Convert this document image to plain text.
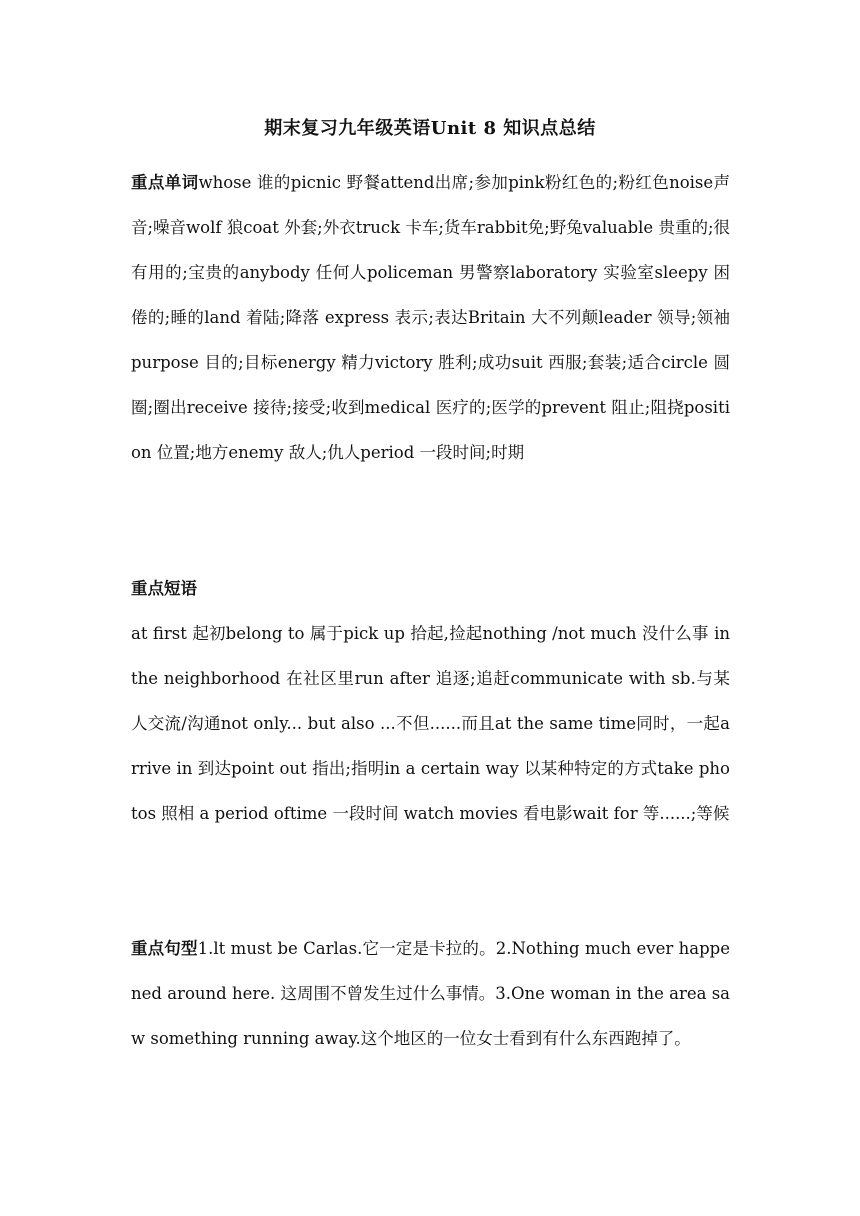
期末复习九年级英语Unit 8 知识点总结
重点单词whose 谁的picnic 野餐attend出席;参加pink粉红色的;粉红色noise声音;噪音wolf 狼coat 外套;外衣truck 卡车;货车rabbit免;野兔valuable 贵重的;很有用的;宝贵的anybody 任何人policeman 男警察laboratory 实验室sleepy 困倦的;睡的land 着陆;降落 express 表示;表达Britain 大不列颠leader 领导;领袖purpose 目的;目标energy 精力victory 胜利;成功suit 西服;套装;适合circle 圆圈;圈出receive 接待;接受;收到medical 医疗的;医学的prevent 阻止;阻挠position 位置;地方enemy 敌人;仇人period 一段时间;时期
重点短语
at first 起初belong to 属于pick up 拾起,捡起nothing /not much 没什么事 in the neighborhood 在社区里run after 追逐;追赶communicate with sb.与某人交流/沟通not only... but also ...不但......而且at the same time同时，一起arrive in 到达point out 指出;指明in a certain way 以某种特定的方式take photos 照相 a period oftime 一段时间 watch movies 看电影wait for 等......;等候
重点句型1.lt must be Carlas.它一定是卡拉的。2.Nothing much ever happened around here. 这周围不曾发生过什么事情。3.One woman in the area saw something running away.这个地区的一位女士看到有什么东西跑掉了。
